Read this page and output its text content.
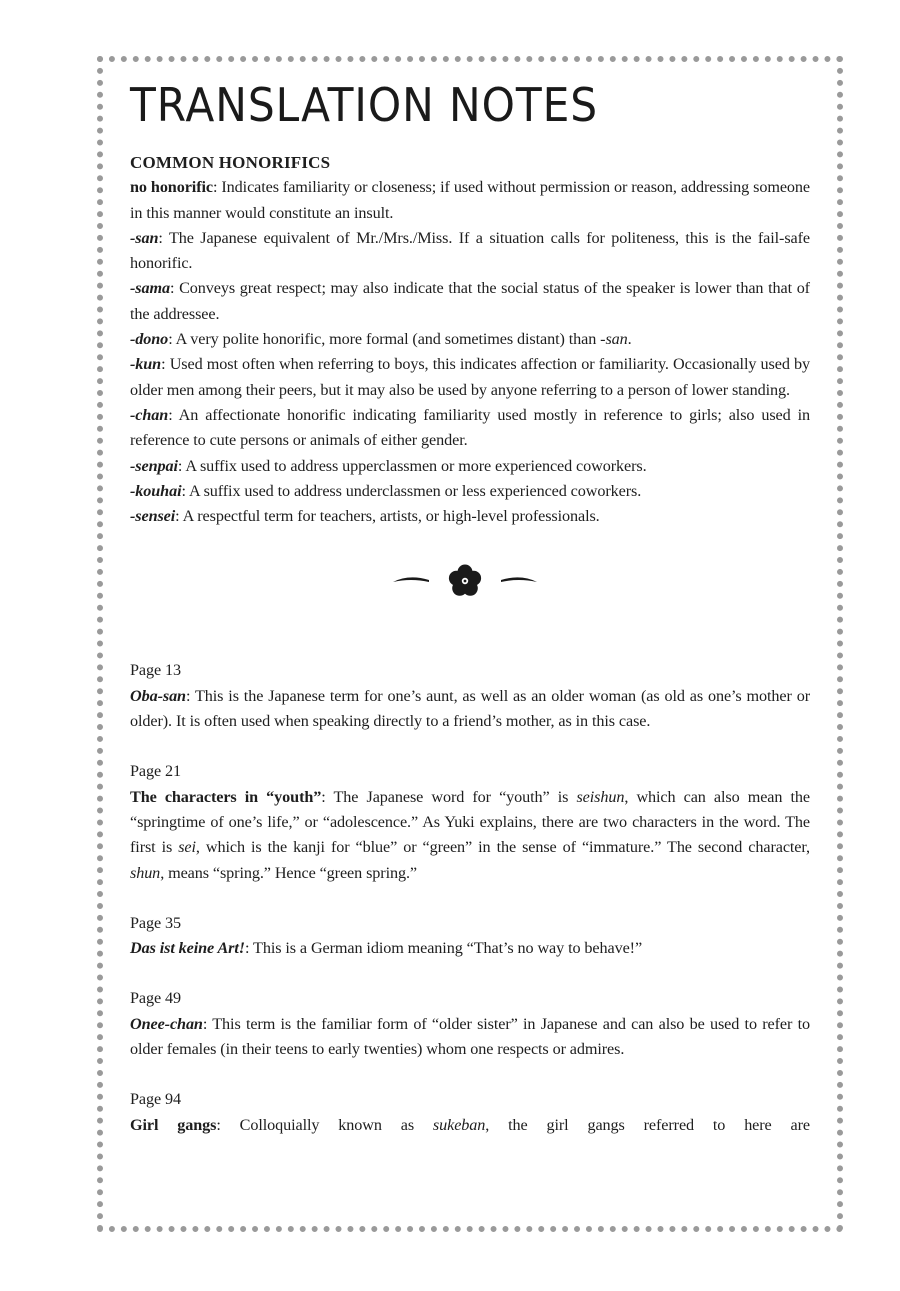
TRANSLATION NOTES

COMMON HONORIFICS

no honorific: Indicates familiarity or closeness; if used without permission or reason, addressing someone in this manner would constitute an insult.

-san: The Japanese equivalent of Mr./Mrs./Miss. If a situation calls for politeness, this is the fail-safe honorific.

-sama: Conveys great respect; may also indicate that the social status of the speaker is lower than that of the addressee.

-dono: A very polite honorific, more formal (and sometimes distant) than -san.

-kun: Used most often when referring to boys, this indicates affection or familiarity. Occasionally used by older men among their peers, but it may also be used by anyone referring to a person of lower standing.

-chan: An affectionate honorific indicating familiarity used mostly in reference to girls; also used in reference to cute persons or animals of either gender.

-senpai: A suffix used to address upperclassmen or more experienced coworkers.

-kouhai: A suffix used to address underclassmen or less experienced coworkers.

-sensei: A respectful term for teachers, artists, or high-level professionals.

Page 13

Oba-san: This is the Japanese term for one’s aunt, as well as an older woman (as old as one’s mother or older). It is often used when speaking directly to a friend’s mother, as in this case.

Page 21

The characters in “youth”: The Japanese word for “youth” is seishun, which can also mean the “springtime of one’s life,” or “adolescence.” As Yuki explains, there are two characters in the word. The first is sei, which is the kanji for “blue” or “green” in the sense of “immature.” The second character, shun, means “spring.” Hence “green spring.”

Page 35

Das ist keine Art!: This is a German idiom meaning “That’s no way to behave!”

Page 49

Onee-chan: This term is the familiar form of “older sister” in Japanese and can also be used to refer to older females (in their teens to early twenties) whom one respects or admires.

Page 94

Girl gangs: Colloquially known as sukeban, the girl gangs referred to here are
